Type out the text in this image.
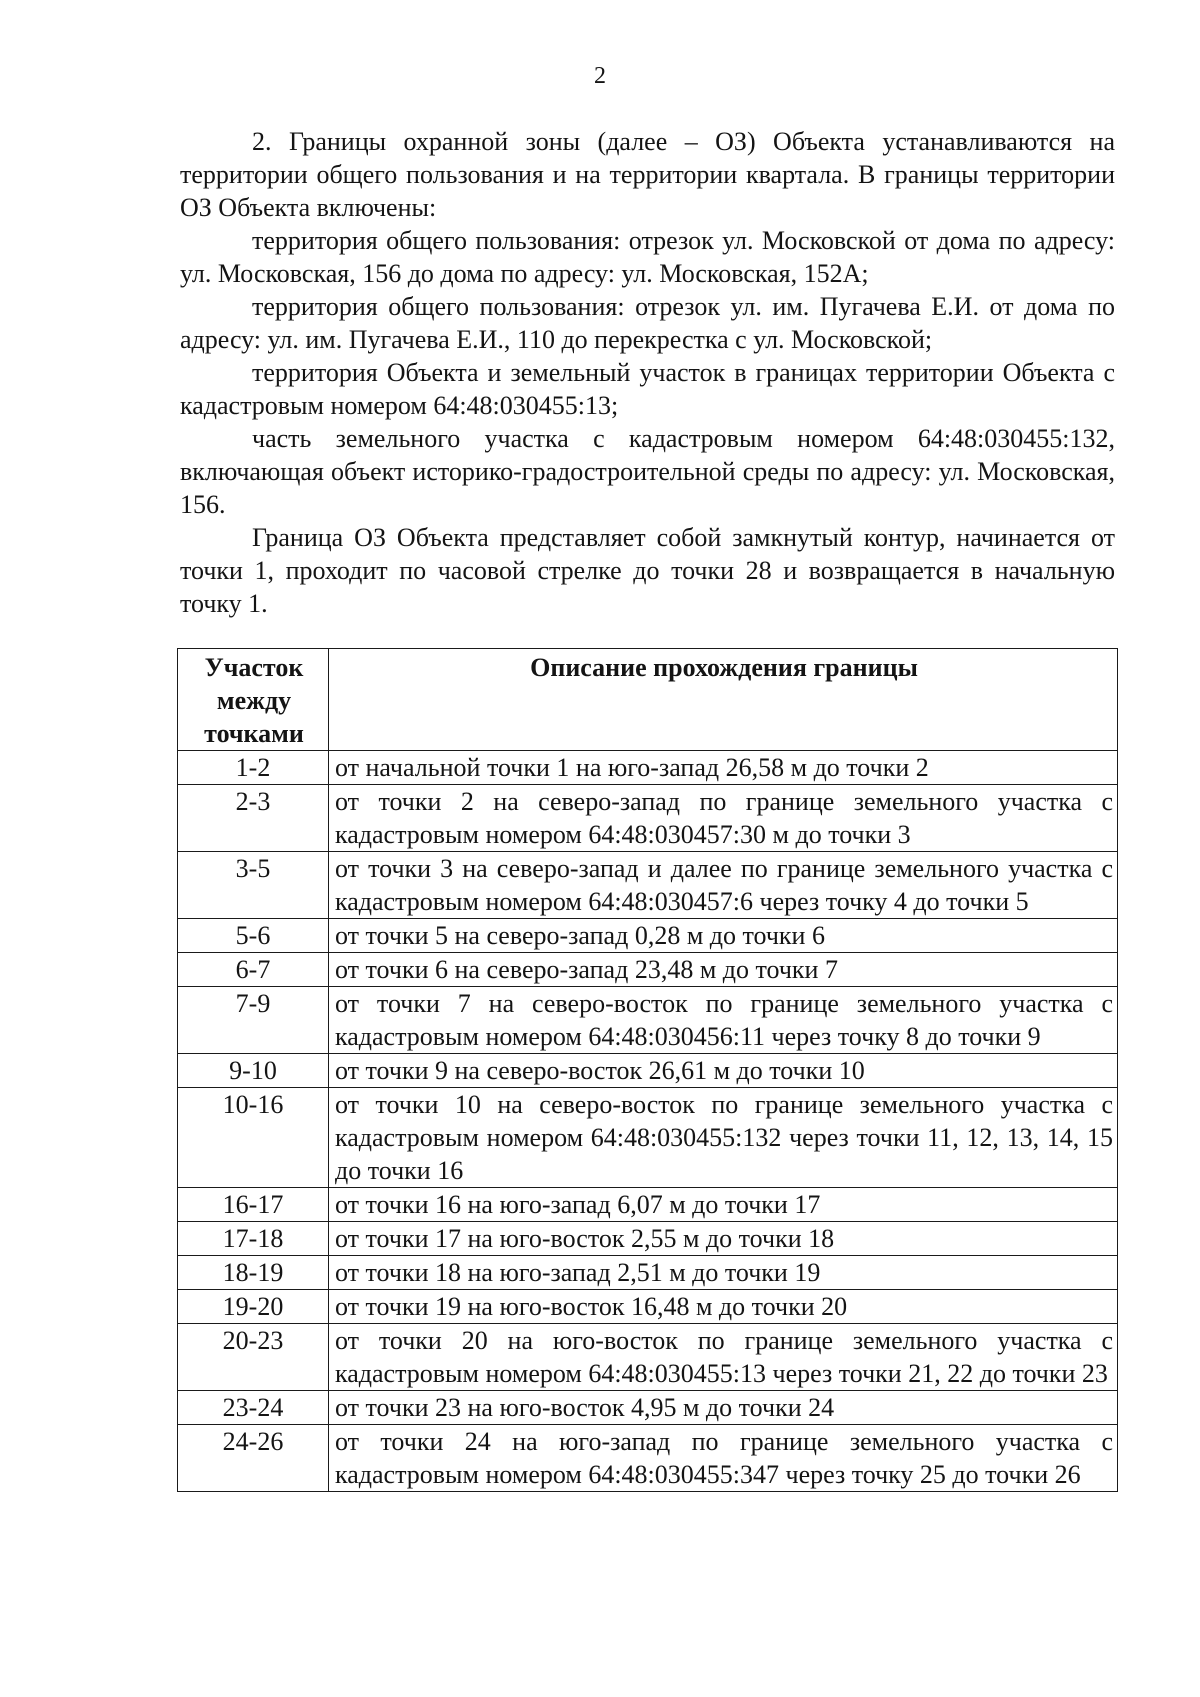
2

2. Границы охранной зоны (далее – ОЗ) Объекта устанавливаются на территории общего пользования и на территории квартала. В границы территории ОЗ Объекта включены:

территория общего пользования: отрезок ул. Московской от дома по адресу: ул. Московская, 156 до дома по адресу: ул. Московская, 152А;

территория общего пользования: отрезок ул. им. Пугачева Е.И. от дома по адресу: ул. им. Пугачева Е.И., 110 до перекрестка с ул. Московской;

территория Объекта и земельный участок в границах территории Объекта с кадастровым номером 64:48:030455:13;

часть земельного участка с кадастровым номером 64:48:030455:132, включающая объект историко-градостроительной среды по адресу: ул. Московская, 156.

Граница ОЗ Объекта представляет собой замкнутый контур, начинается от точки 1, проходит по часовой стрелке до точки 28 и возвращается в начальную точку 1.

Участок между точками	Описание прохождения границы
1-2	от начальной точки 1 на юго-запад 26,58 м до точки 2
2-3	от точки 2 на северо-запад по границе земельного участка с кадастровым номером 64:48:030457:30 м до точки 3
3-5	от точки 3 на северо-запад и далее по границе земельного участка с кадастровым номером 64:48:030457:6 через точку 4 до точки 5
5-6	от точки 5 на северо-запад 0,28 м до точки 6
6-7	от точки 6 на северо-запад 23,48 м до точки 7
7-9	от точки 7 на северо-восток по границе земельного участка с кадастровым номером 64:48:030456:11 через точку 8 до точки 9
9-10	от точки 9 на северо-восток 26,61 м до точки 10
10-16	от точки 10 на северо-восток по границе земельного участка с кадастровым номером 64:48:030455:132 через точки 11, 12, 13, 14, 15 до точки 16
16-17	от точки 16 на юго-запад 6,07 м до точки 17
17-18	от точки 17 на юго-восток 2,55 м до точки 18
18-19	от точки 18 на юго-запад 2,51 м до точки 19
19-20	от точки 19 на юго-восток 16,48 м до точки 20
20-23	от точки 20 на юго-восток по границе земельного участка с кадастровым номером 64:48:030455:13 через точки 21, 22 до точки 23
23-24	от точки 23 на юго-восток 4,95 м до точки 24
24-26	от точки 24 на юго-запад по границе земельного участка с кадастровым номером 64:48:030455:347 через точку 25 до точки 26
